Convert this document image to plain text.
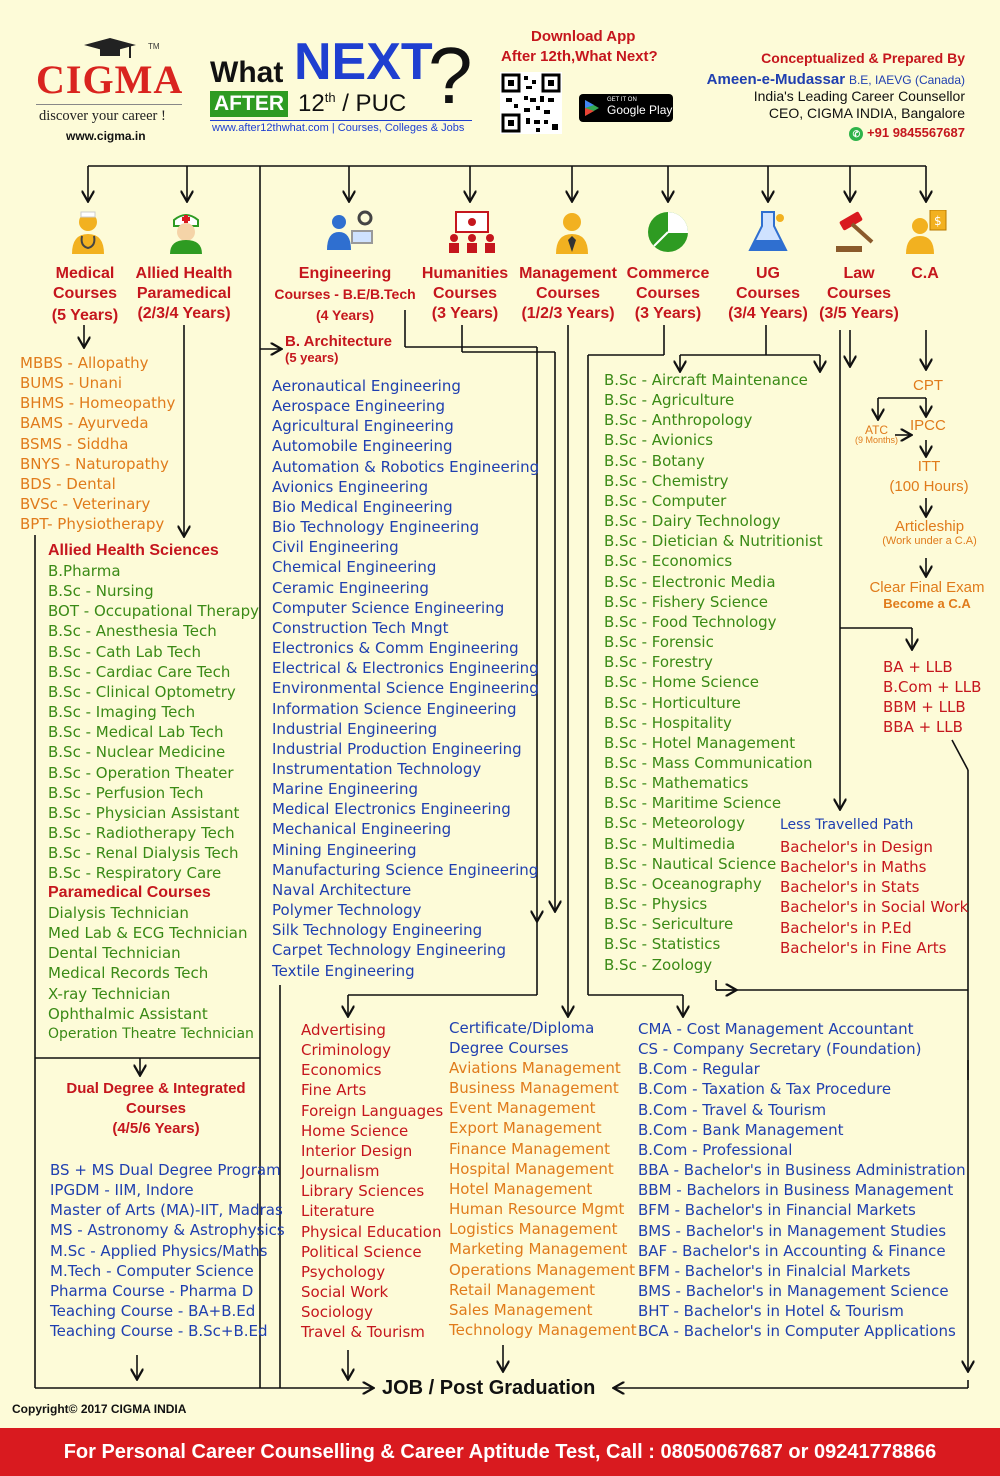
CIGMA
TM
discover your career !
www.cigma.in
What NEXT
AFTER 12th / PUC ?
www.after12thwhat.com | Courses, Colleges & Jobs
Download App
After 12th,What Next?
GET IT ON
Google Play
Conceptualized & Prepared By
Ameen-e-Mudassar B.E, IAEVG (Canada)
India's Leading Career Counsellor
CEO, CIGMA INDIA, Bangalore
✆ +91 9845567687
$
Medical
Courses
(5 Years)
Allied Health
Paramedical
(2/3/4 Years)
Engineering
Courses - B.E/B.Tech
(4 Years)
Humanities
Courses
(3 Years)
Management
Courses
(1/2/3 Years)
Commerce
Courses
(3 Years)
UG
Courses
(3/4 Years)
Law
Courses
(3/5 Years)
C.A
MBBS - Allopathy
BUMS - Unani
BHMS - Homeopathy
BAMS - Ayurveda
BSMS - Siddha
BNYS - Naturopathy
BDS - Dental
BVSc - Veterinary
BPT- Physiotherapy
Allied Health Sciences
B.Pharma
B.Sc - Nursing
BOT - Occupational Therapy
B.Sc - Anesthesia Tech
B.Sc - Cath Lab Tech
B.Sc - Cardiac Care Tech
B.Sc - Clinical Optometry
B.Sc - Imaging Tech
B.Sc - Medical Lab Tech
B.Sc - Nuclear Medicine
B.Sc - Operation Theater
B.Sc - Perfusion Tech
B.Sc - Physician Assistant
B.Sc - Radiotherapy Tech
B.Sc - Renal Dialysis Tech
B.Sc - Respiratory Care
Paramedical Courses
Dialysis Technician
Med Lab & ECG Technician
Dental Technician
Medical Records Tech
X-ray Technician
Ophthalmic Assistant
Operation Theatre Technician
Dual Degree & Integrated
Courses
(4/5/6 Years)
BS + MS Dual Degree Program
IPGDM - IIM, Indore
Master of Arts (MA)-IIT, Madras
MS - Astronomy & Astrophysics
M.Sc - Applied Physics/Maths
M.Tech - Computer Science
Pharma Course - Pharma D
Teaching Course - BA+B.Ed
Teaching Course - B.Sc+B.Ed
B. Architecture
(5 years)
Aeronautical Engineering
Aerospace Engineering
Agricultural Engineering
Automobile Engineering
Automation & Robotics Engineering
Avionics Engineering
Bio Medical Engineering
Bio Technology Engineering
Civil Engineering
Chemical Engineering
Ceramic Engineering
Computer Science Engineering
Construction Tech Mngt
Electronics & Comm Engineering
Electrical & Electronics Engineering
Environmental Science Engineering
Information Science Engineering
Industrial Engineering
Industrial Production Engineering
Instrumentation Technology
Marine Engineering
Medical Electronics Engineering
Mechanical Engineering
Mining Engineering
Manufacturing Science Engineering
Naval Architecture
Polymer Technology
Silk Technology Engineering
Carpet Technology Engineering
Textile Engineering
B.Sc - Aircraft Maintenance
B.Sc - Agriculture
B.Sc - Anthropology
B.Sc - Avionics
B.Sc - Botany
B.Sc - Chemistry
B.Sc - Computer
B.Sc - Dairy Technology
B.Sc - Dietician & Nutritionist
B.Sc - Economics
B.Sc - Electronic Media
B.Sc - Fishery Science
B.Sc - Food Technology
B.Sc - Forensic
B.Sc - Forestry
B.Sc - Home Science
B.Sc - Horticulture
B.Sc - Hospitality
B.Sc - Hotel Management
B.Sc - Mass Communication
B.Sc - Mathematics
B.Sc - Maritime Science
B.Sc - Meteorology
B.Sc - Multimedia
B.Sc - Nautical Science
B.Sc - Oceanography
B.Sc - Physics
B.Sc - Sericulture
B.Sc - Statistics
B.Sc - Zoology
CPT
ATC
(9 Months)
IPCC
ITT
(100 Hours)
Articleship
(Work under a C.A)
Clear Final Exam
Become a C.A
BA + LLB
B.Com + LLB
BBM + LLB
BBA + LLB
Less Travelled Path
Bachelor's in Design
Bachelor's in Maths
Bachelor's in Stats
Bachelor's in Social Work
Bachelor's in P.Ed
Bachelor's in Fine Arts
Advertising
Criminology
Economics
Fine Arts
Foreign Languages
Home Science
Interior Design
Journalism
Library Sciences
Literature
Physical Education
Political Science
Psychology
Social Work
Sociology
Travel & Tourism
Certificate/Diploma
Degree Courses
Aviations Management
Business Management
Event Management
Export Management
Finance Management
Hospital Management
Hotel Management
Human Resource Mgmt
Logistics Management
Marketing Management
Operations Management
Retail Management
Sales Management
Technology Management
CMA - Cost Management Accountant
CS - Company Secretary (Foundation)
B.Com - Regular
B.Com - Taxation & Tax Procedure
B.Com - Travel & Tourism
B.Com - Bank Management
B.Com - Professional
BBA - Bachelor's in Business Administration
BBM - Bachelors in Business Management
BFM - Bachelor's in Financial Markets
BMS - Bachelor's in Management Studies
BAF - Bachelor's in Accounting & Finance
BFM - Bachelor's in Finalcial Markets
BMS - Bachelor's in Management Science
BHT - Bachelor's in Hotel & Tourism
BCA - Bachelor's in Computer Applications
JOB / Post Graduation
Copyright© 2017 CIGMA INDIA
For Personal Career Counselling & Career Aptitude Test, Call : 08050067687 or 09241778866
